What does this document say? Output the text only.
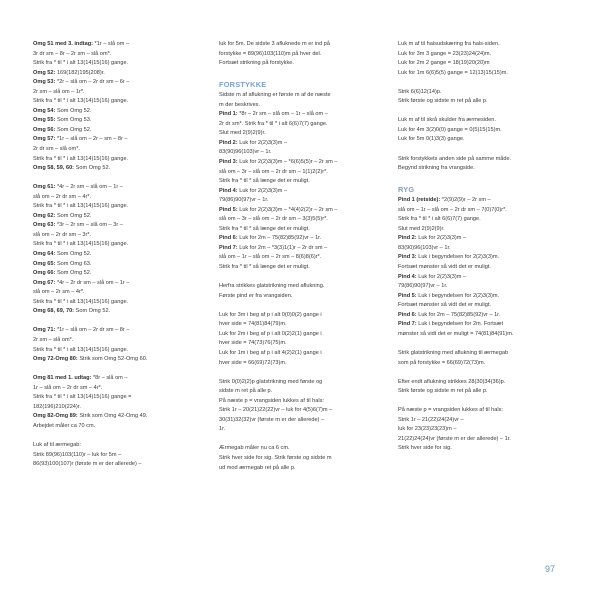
Omg 51 med 3. indtag: *1r – slå om –
3r dr sm – 8r – 2r sm – slå om*.
Strik fra * til * i alt 13(14)15(16) gange.
Omg 52: 169(182)195(208)r.
Omg 53: *2r – slå om – 2r dr sm – 6r –
2r sm – slå om – 1r*.
Strik fra * til * i alt 13(14)15(16) gange.
Omg 54: Som Omg 52.
Omg 55: Som Omg 53.
Omg 56: Som Omg 52.
Omg 57: *1r – slå om – 2r – sm – 8r –
2r dr sm – slå om*.
Strik fra * til * i alt 13(14)15(16) gange.
Omg 58, 59, 60: Som Omg 52.
Omg 61: *4r – 2r sm – slå om – 1r –
slå om – 2r dr sm – 4r*.
Strik fra * til * i alt 13(14)15(16) gange.
Omg 62: Som Omg 52.
Omg 63: *3r – 2r sm – slå om – 3r –
slå om – 2r dr sm – 3r*.
Strik fra * til * i alt 13(14)15(16) gange.
Omg 64: Som Omg 52.
Omg 65: Som Omg 63.
Omg 66: Som Omg 52.
Omg 67: *4r – 2r dr sm – slå om – 1r –
slå om – 2r sm – 4r*.
Strik fra * til * i alt 13(14)15(16) gange.
Omg 68, 69, 70: Som Omg 52.
Omg 71: *1r – slå om – 2r dr sm – 8r –
2r sm – slå om*.
Strik fra * til * i alt 13(14)15(16) gange.
Omg 72-Omg 80: Strik som Omg 52-Omg 60.
Omg 81 med 1. udtag: *8r – slå om –
1r – slå om – 2r dr sm – 4r*.
Strik fra * til * i alt 13(14)15(16) gange =
182(196)210(224)r.
Omg 82-Omg 89: Strik som Omg 42-Omg 49.
Arbejdet måler ca 70 cm.
Luk af til ærmegab:
Strik 89(96)103(110)r – luk for 5m –
86(93)100(107)r (første m er der allerede) –
luk for 5m. De sidste 3 afluknede m er ind på
forstykke = 89(96)103(110)m på hver del.
Fortsæt strikning på forstykke.
FORSTYKKE
Sidste m af aflukning er første m af de næste
m der beskrives.
Pind 1: *8r – 2r sm – slå om – 1r – slå om –
2r dr sm*. Strik fra * til * i alt 6(6)7(7) gange.
Slut med 2(9)2(9)r.
Pind 2: Luk for 2(2)3(3)m –
83(90)96(103)vr – 1r.
Pind 3: Luk for 2(2)3(3)m – *6(6)5(5)r – 2r sm –
slå om – 3r – slå om – 2r dr sm – 1(1)2(2)r*.
Strik fra * til * så længe det er muligt.
Pind 4: Luk for 2(2)3(3)m –
79(86)90(97)vr – 1r.
Pind 5: Luk for 2(2)3(3)m – *4(4)2(2)r – 2r sm –
slå om – 3r – slå om – 2r dr sm – 3(3)5(5)r*.
Strik fra * til * så længe det er muligt.
Pind 6: Luk for 2m – 75(82)85(92)vr – 1r.
Pind 7: Luk for 2m – *3(3)1(1)r – 2r dr sm –
slå om – 1r – slå om – 2r sm – 8(6)8(6)r*.
Strik fra * til * så længe det er muligt.
Herfra strikkes glatstrikning med aflukning.
Første pind er fra vrangsiden.
Luk for 3m i beg af p i alt 0(0)0(2) gange i
hver side = 74(81)84(79)m.
Luk for 2m i beg af p i alt 0(2)2(1) gange i
hver side = 74(73)76(75)m.
Luk for 1m i beg af p i alt 4(2)2(1) gange i
hver side = 66(69)72(73)m.
Strik 0(0)2(2)p glatstrikning med første og
sidste m ret på alle p.
På næste p = vrangsiden lukkes af til hals:
Strik 1r – 20(21)22(22)vr – luk for 4(5)6(7)m –
30(31)32(32)vr (første m er der allerede) –
1r.
Ærmegab måler nu ca 6 cm.
Strik hver side for sig. Strik første og sidste m
ud mod ærmegab ret på alle p.
Luk m af til halsudskæring fra hals-siden.
Luk for 3m 3 gange = 23(23)24(24)m.
Luk for 2m 2 gange = 18(19)20(20)m
Luk for 1m 6(6)5(5) gange = 12(13)15(15)m.
Strik 6(6)12(14)p.
Strik første og sidste m ret på alle p.
Luk m af til skrå skulder fra ærmesiden.
Luk for 4m 3(2)0(0) gange = 0(5)15(15)m.
Luk for 5m 0(1)3(3) gange.
Strik forstykkets anden side på samme måde.
Begynd strikning fra vrangside.
RYG
Pind 1 (retside): *2(9)2(9)r – 2r sm –
slå om – 1r – slå om – 2r dr sm – 7(0)7(0)r*.
Strik fra * til * i alt 6(6)7(7) gange.
Slut med 2(9)2(9)r.
Pind 2: Luk for 2(2)3(3)m –
83(90)96(103)vr – 1r.
Pind 3: Luk i begyndelsen for 2(2)3(3)m.
Fortsæt mønster så vidt det er muligt.
Pind 4: Luk for 2(2)3(3)m –
79(86)90(97)vr – 1r.
Pind 5: Luk i begyndelsen for 2(2)3(3)m.
Fortsæt mønster så vidt det er muligt.
Pind 6: Luk for 2m – 75(82)85(92)vr – 1r.
Pind 7: Luk i begyndelsen for 2m. Fortsæt
mønster så vidt det er muligt = 74(81)84(91)m.
Strik glatstrikning med aflukning til ærmegab
som på forstykke = 66(69)72(73)m.
Efter endt aflukning strikkes 28(30)34(36)p.
Strik første og sidste m ret på alle p.
På næste p = vrangsiden lukkes af til hals:
Strik 1r – 21(22)24(24)vr –
luk for 23(23)23(23)m –
21(22)24(24)vr (første m er der allerede) – 1r.
Strik hver side for sig.
97
